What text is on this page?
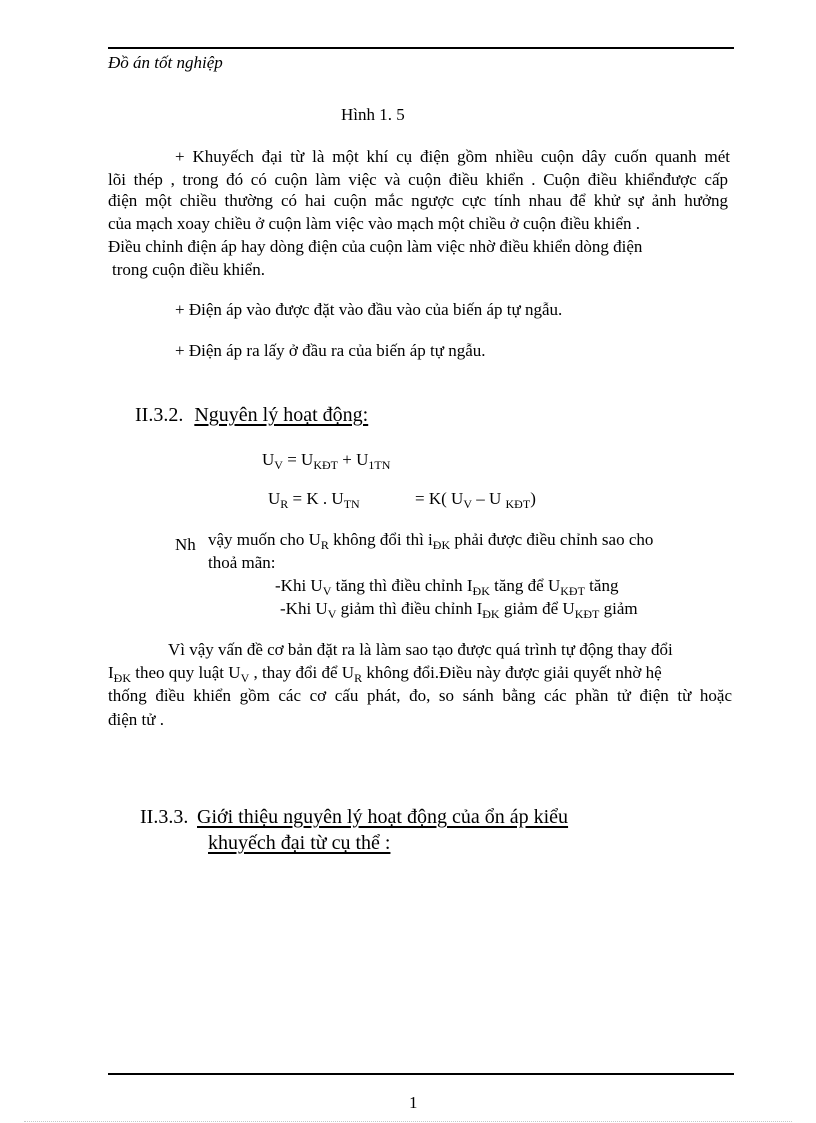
Đồ án tốt nghiệp
Hình 1. 5
+ Khuyếch đại từ là một khí cụ điện gồm nhiều cuộn dây cuốn quanh mét
lõi thép , trong đó có cuộn làm việc và cuộn điều khiển . Cuộn điều khiểnđược cấp
điện một chiều thường có hai cuộn mắc ngược cực tính nhau để khử sự ảnh hưởng
của mạch xoay chiều ở cuộn làm việc vào mạch một chiều ở cuộn điều khiển .
Điều chỉnh điện áp hay dòng điện của cuộn làm việc nhờ điều khiển dòng điện
trong cuộn điều khiển.
+ Điện áp vào được đặt vào đầu vào của biến áp tự ngẫu.
+ Điện áp ra lấy ở đầu ra của biến áp tự ngẫu.
II.3.2. Nguyên lý hoạt động:
$U_V = U_{KĐT} + U_{1TN}$
$U_R = K$ . $U_{TN}$	= K( $U_V$ – U $_{KĐT}$)
Nh vậy muốn cho $U_R$ không đổi thì $i_{ĐK}$ phải được điều chỉnh sao cho
thoả mãn:
-Khi $U_V$ tăng thì điều chỉnh $I_{ĐK}$ tăng để $U_{KĐT}$ tăng
-Khi $U_V$ giảm thì điều chỉnh $I_{ĐK}$ giảm để $U_{KĐT}$ giảm
Vì vậy vấn đề cơ bản đặt ra là làm sao tạo được quá trình tự động thay đổi
$I_{ĐK}$ theo quy luật $U_V$ , thay đổi để $U_R$ không đổi.Điều này được giải quyết nhờ hệ
thống điều khiển gồm các cơ cấu phát, đo, so sánh bằng các phần tử điện từ hoặc
điện tử .
II.3.3. Giới thiệu nguyên lý hoạt động của ổn áp kiểu
khuyếch đại từ cụ thể :
1
